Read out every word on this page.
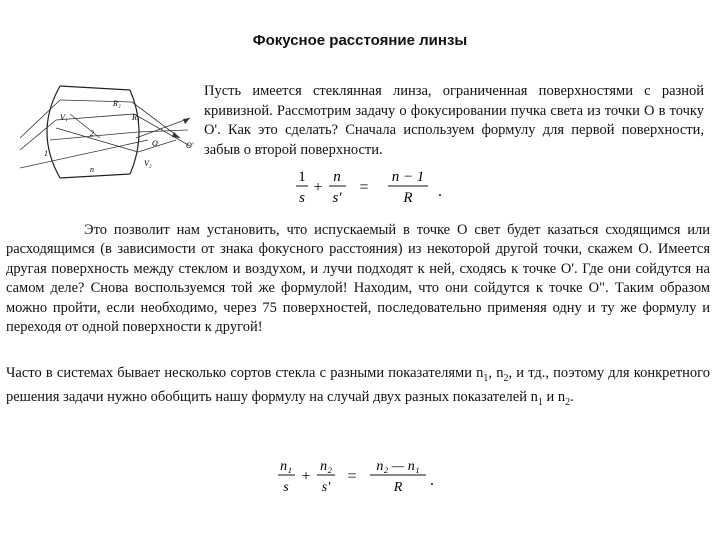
Фокусное расстояние линзы
R₂
R₁
V₁
V₂
O	O'
1
2
n
Пусть имеется стеклянная линза, ограниченная поверхностями с разной кривизной. Рассмотрим задачу о фокусировании пучка света из точки O в точку O'. Как это сделать? Сначала используем формулу для первой поверхности, забыв о второй поверхности.
1
s
+
n
s'
=
n − 1
R .
Это позволит нам установить, что испускаемый в точке O свет будет казаться сходящимся или расходящимся (в зависимости от знака фокусного расстояния) из некоторой другой точки, скажем O. Имеется другая поверхность между стеклом и воздухом, и лучи подходят к ней, сходясь к точке O'. Где они сойдутся на самом деле? Снова воспользуемся той же формулой! Находим, что они сойдутся к точке O". Таким образом можно пройти, если необходимо, через 75 поверхностей, последовательно применяя одну и ту же формулу и переходя от одной поверхности к другой!
Часто в системах бывает несколько сортов стекла с разными показателями $n_1$, $n_2$, и тд., поэтому для конкретного решения задачи нужно обобщить нашу формулу на случай двух разных показателей $n_1$ и $n_2$.
n₁
s
+
n₂
s'
=
n₂ — n₁
R .
